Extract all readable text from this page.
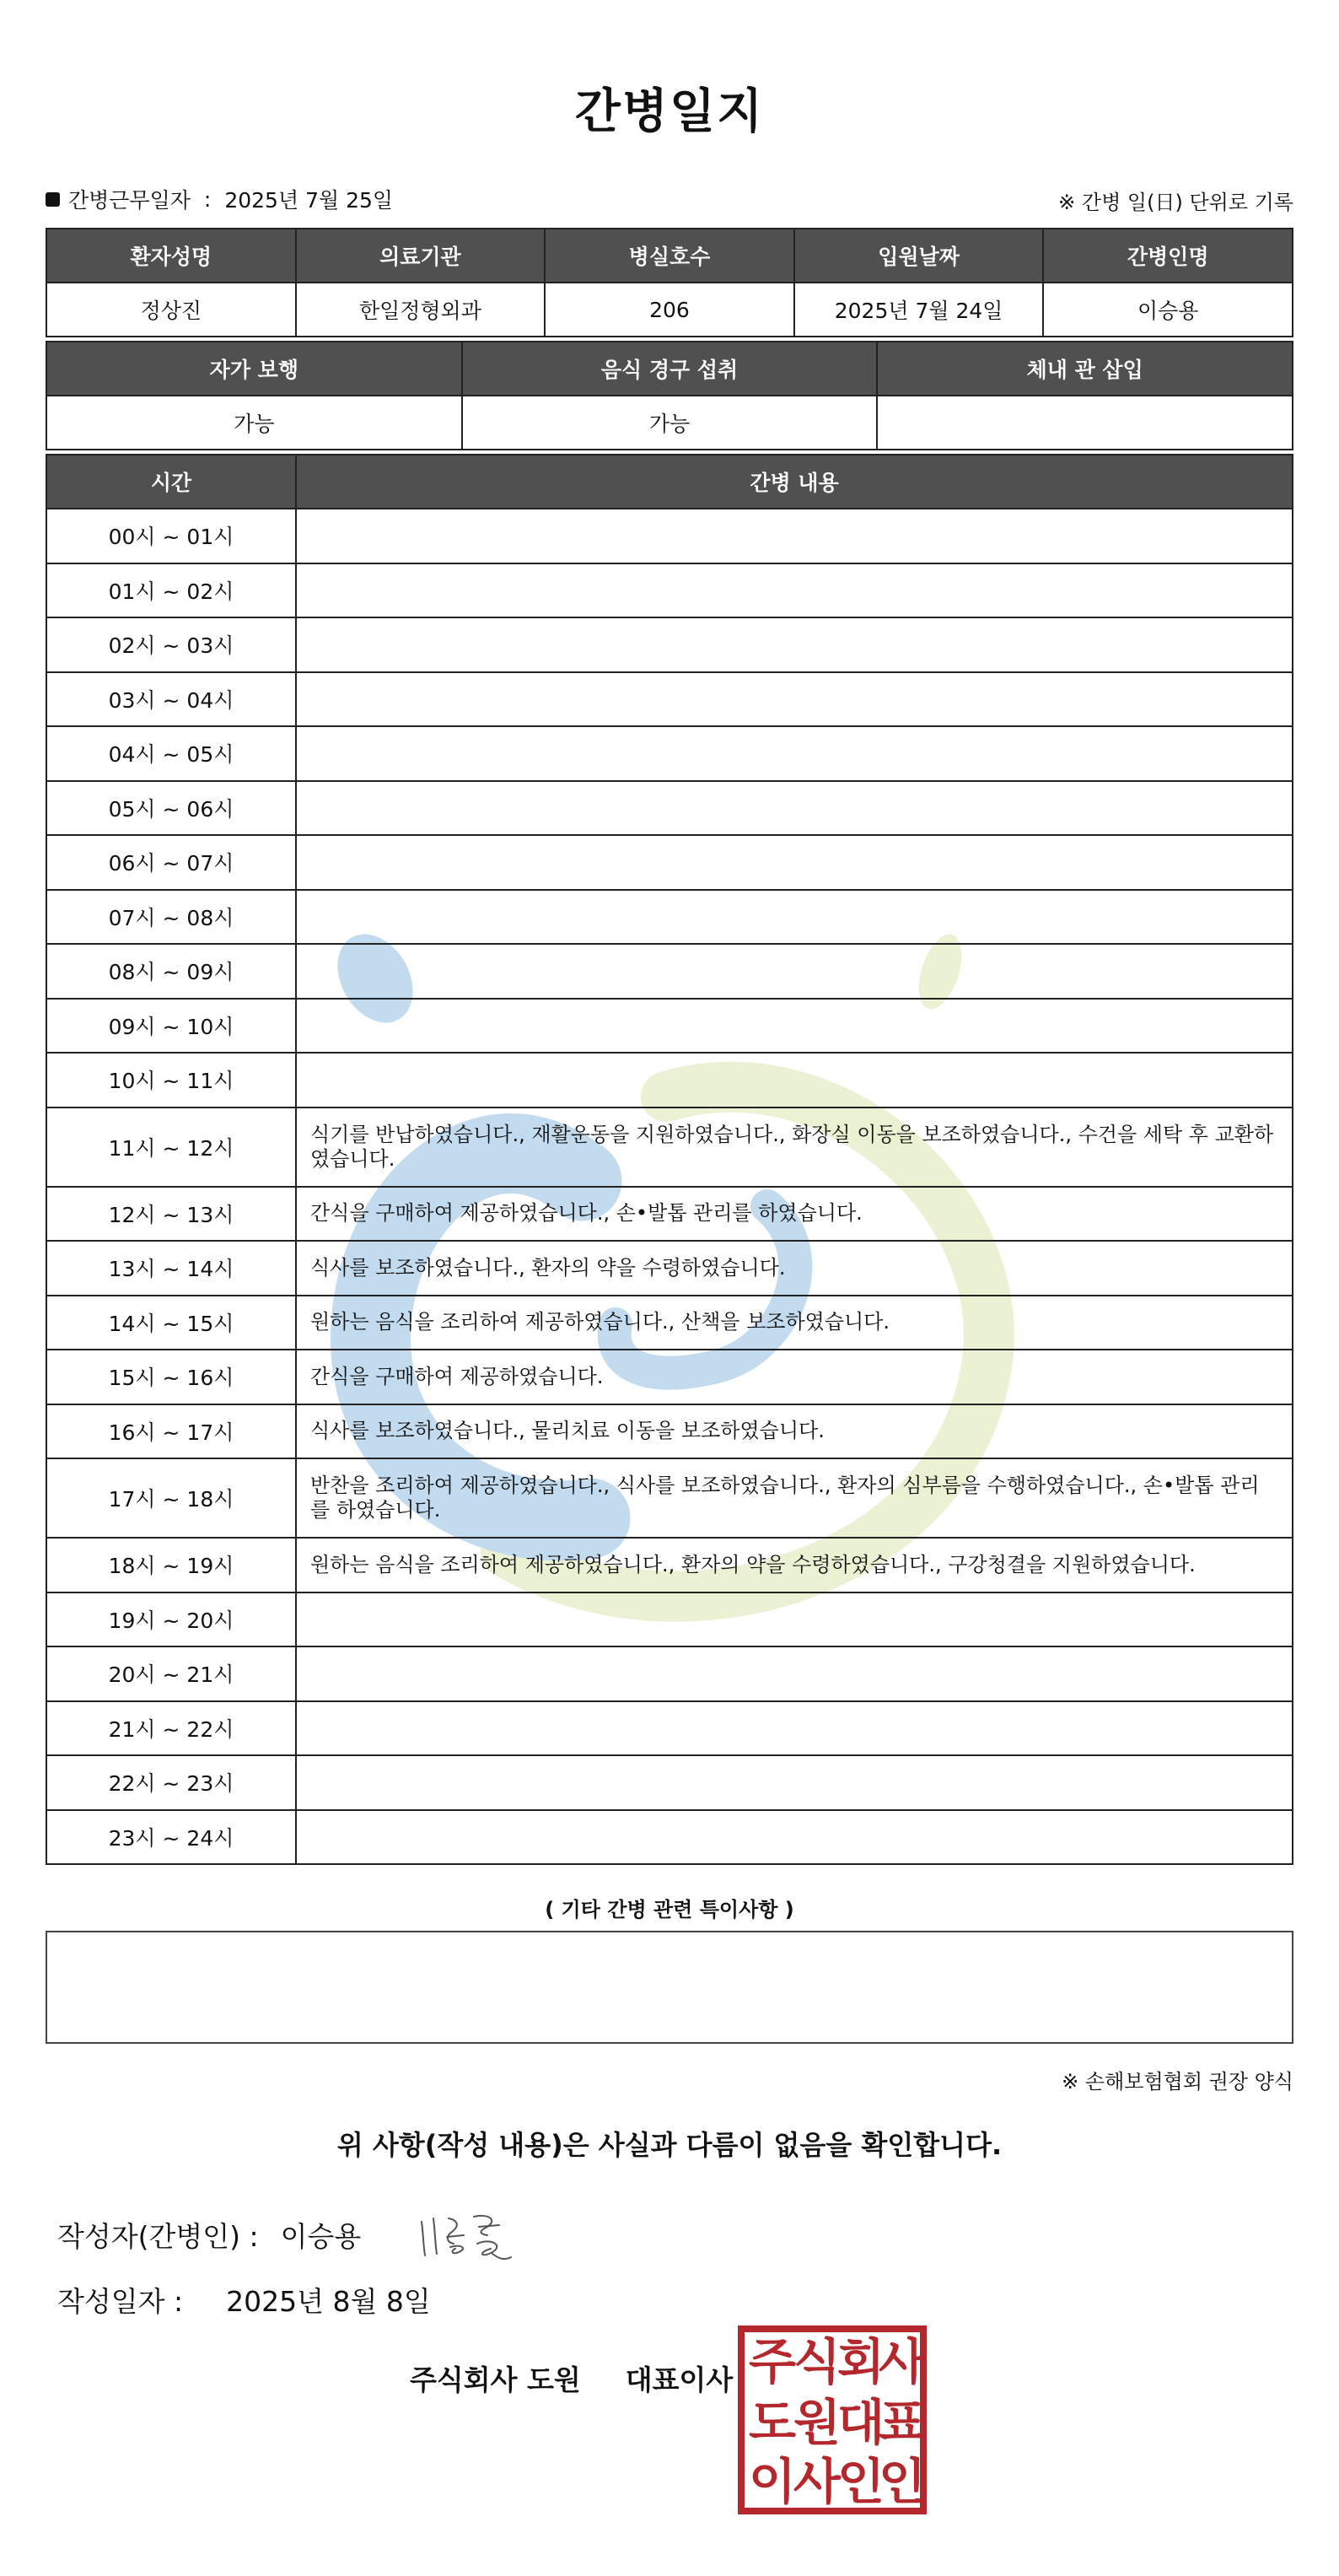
간병일지
간병근무일자 : 2025년 7월 25일	※ 간병 일(日) 단위로 기록
환자성명	의료기관	병실호수	입원날짜	간병인명
정상진	한일정형외과	206	2025년 7월 24일	이승용
자가 보행	음식 경구 섭취	체내 관 삽입
가능	가능	
시간	간병 내용
00시 ~ 01시	
01시 ~ 02시	
02시 ~ 03시	
03시 ~ 04시	
04시 ~ 05시	
05시 ~ 06시	
06시 ~ 07시	
07시 ~ 08시	
08시 ~ 09시	
09시 ~ 10시	
10시 ~ 11시	
11시 ~ 12시	식기를 반납하였습니다., 재활운동을 지원하였습니다., 화장실 이동을 보조하였습니다., 수건을 세탁 후 교환하였습니다.
12시 ~ 13시	간식을 구매하여 제공하였습니다., 손•발톱 관리를 하였습니다.
13시 ~ 14시	식사를 보조하였습니다., 환자의 약을 수령하였습니다.
14시 ~ 15시	원하는 음식을 조리하여 제공하였습니다., 산책을 보조하였습니다.
15시 ~ 16시	간식을 구매하여 제공하였습니다.
16시 ~ 17시	식사를 보조하였습니다., 물리치료 이동을 보조하였습니다.
17시 ~ 18시	반찬을 조리하여 제공하였습니다., 식사를 보조하였습니다., 환자의 심부름을 수행하였습니다., 손•발톱 관리를 하였습니다.
18시 ~ 19시	원하는 음식을 조리하여 제공하였습니다., 환자의 약을 수령하였습니다., 구강청결을 지원하였습니다.
19시 ~ 20시	
20시 ~ 21시	
21시 ~ 22시	
22시 ~ 23시	
23시 ~ 24시	
( 기타 간병 관련 특이사항 )
※ 손해보험협회 권장 양식
위 사항(작성 내용)은 사실과 다름이 없음을 확인합니다.
작성자(간병인) : 이승용
작성일자 : 2025년 8월 8일
주식회사 도원 대표이사 주
식
회
사
도
원
대
표
이
사
인
인
